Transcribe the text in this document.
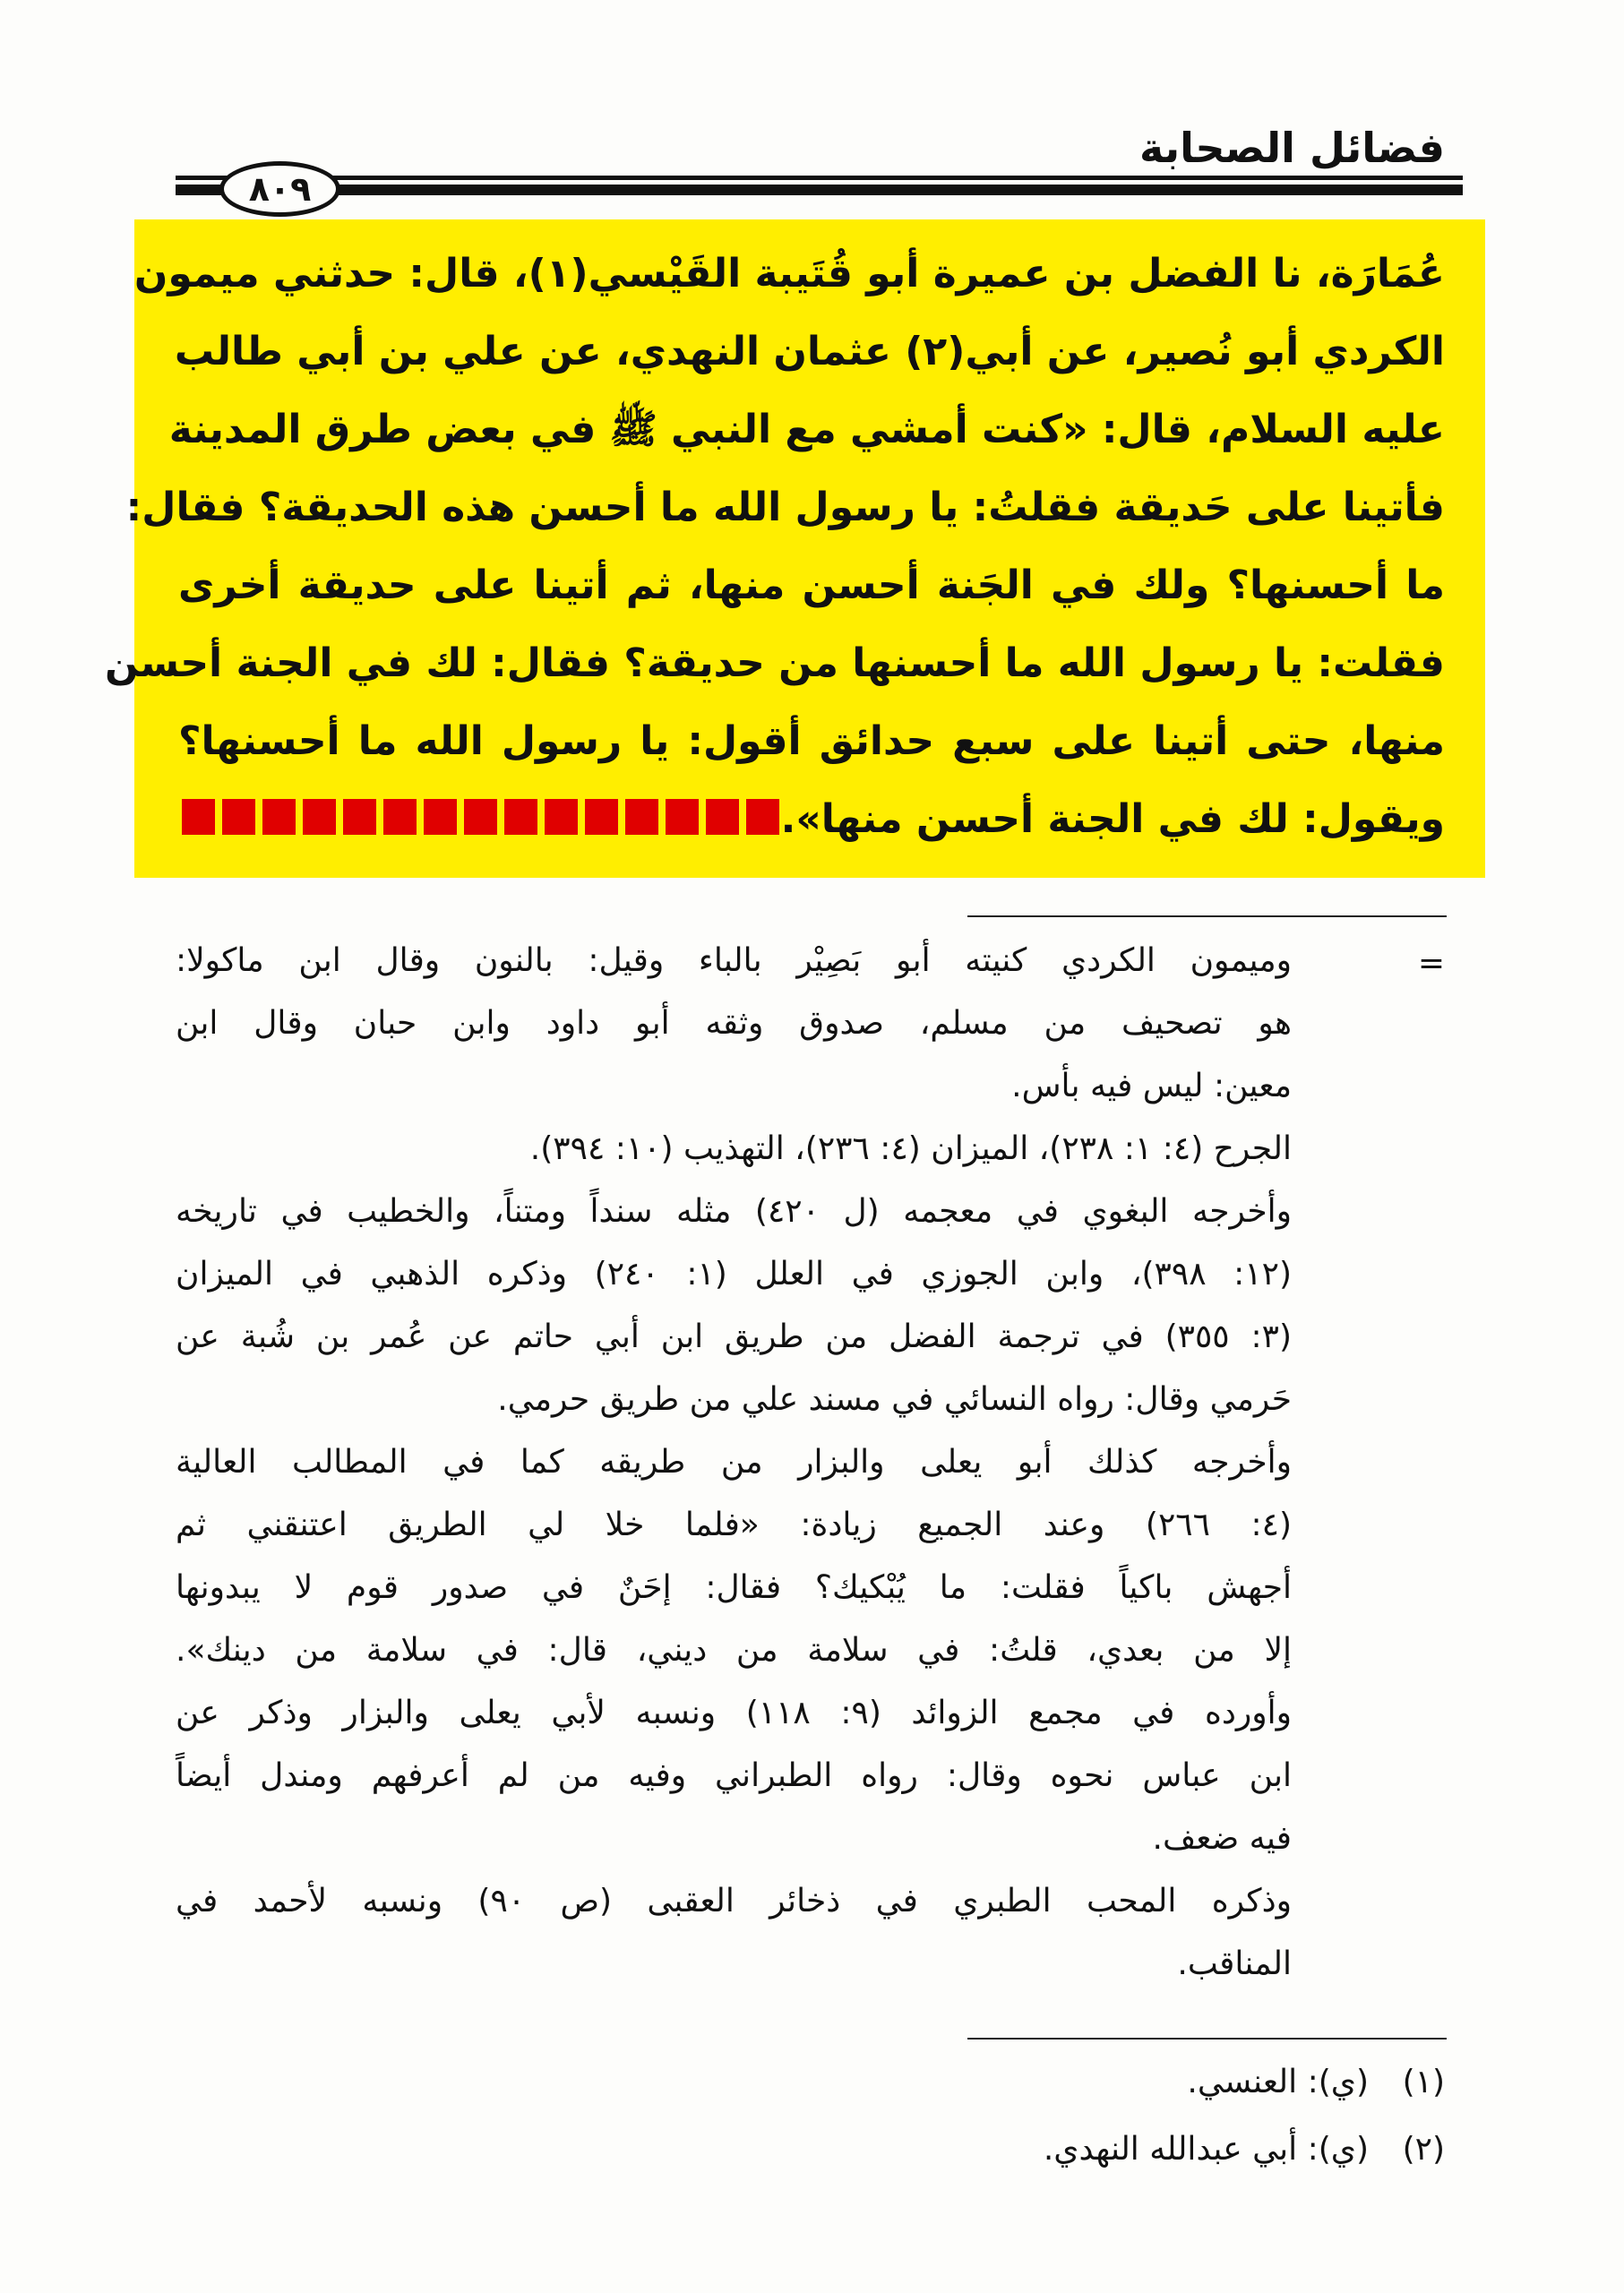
فضائل الصحابة
٨٠٩
عُمَارَة، نا الفضل بن عميرة أبو قُتَيبة القَيْسي(١)، قال: حدثني ميمون
الكردي أبو نُصير، عن أبي(٢) عثمان النهدي، عن علي بن أبي طالب
عليه السلام، قال: «كنت أمشي مع النبي ﷺ في بعض طرق المدينة
فأتينا على حَديقة فقلتُ: يا رسول الله ما أحسن هذه الحديقة؟ فقال:
ما أحسنها؟ ولك في الجَنة أحسن منها، ثم أتينا على حديقة أخرى
فقلت: يا رسول الله ما أحسنها من حديقة؟ فقال: لك في الجنة أحسن
منها، حتى أتينا على سبع حدائق أقول: يا رسول الله ما أحسنها؟
ويقول: لك في الجنة أحسن منها».
=
وميمون الكردي كنيته أبو بَصِيْر بالباء وقيل: بالنون وقال ابن ماكولا:
هو تصحيف من مسلم، صدوق وثقه أبو داود وابن حبان وقال ابن
معين: ليس فيه بأس.
الجرح (٤: ١: ٢٣٨)، الميزان (٤: ٢٣٦)، التهذيب (١٠: ٣٩٤).
وأخرجه البغوي في معجمه (ل ٤٢٠) مثله سنداً ومتناً، والخطيب في تاريخه
(١٢: ٣٩٨)، وابن الجوزي في العلل (١: ٢٤٠) وذكره الذهبي في الميزان
(٣: ٣٥٥) في ترجمة الفضل من طريق ابن أبي حاتم عن عُمر بن شُبة عن
حَرمي وقال: رواه النسائي في مسند علي من طريق حرمي.
وأخرجه كذلك أبو يعلى والبزار من طريقه كما في المطالب العالية
(٤: ٢٦٦) وعند الجميع زيادة: «فلما خلا لي الطريق اعتنقني ثم
أجهش باكياً فقلت: ما يُبْكيك؟ فقال: إحَنٌ في صدور قوم لا يبدونها
إلا من بعدي، قلتُ: في سلامة من ديني، قال: في سلامة من دينك».
وأورده في مجمع الزوائد (٩: ١١٨) ونسبه لأبي يعلى والبزار وذكر عن
ابن عباس نحوه وقال: رواه الطبراني وفيه من لم أعرفهم ومندل أيضاً
فيه ضعف.
وذكره المحب الطبري في ذخائر العقبى (ص ٩٠) ونسبه لأحمد في
المناقب.
(١)(ي): العنسي.
(٢)(ي): أبي عبدالله النهدي.
